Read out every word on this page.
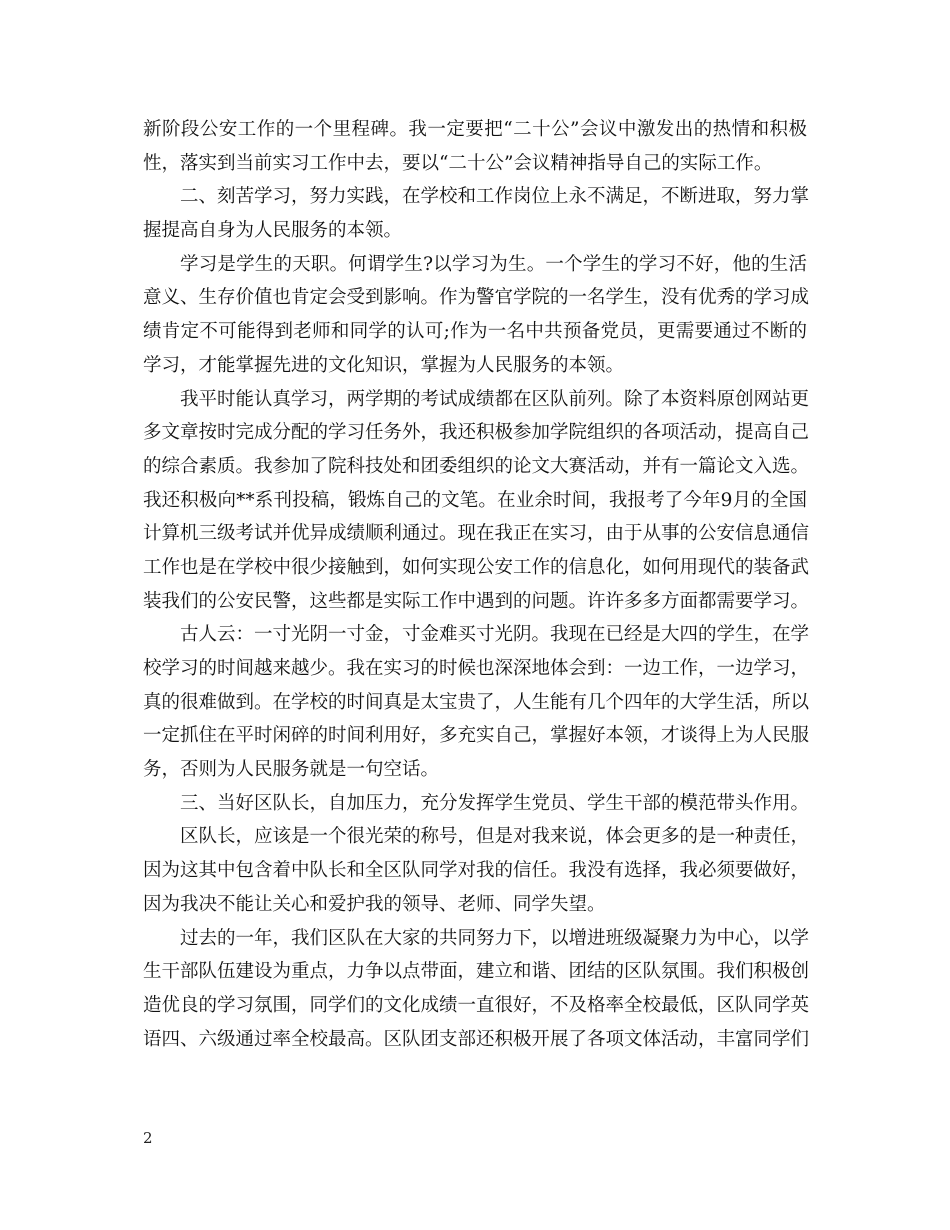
新阶段公安工作的一个里程碑。我一定要把“二十公”会议中激发出的热情和积极
性，落实到当前实习工作中去，要以“二十公”会议精神指导自己的实际工作。
二、刻苦学习，努力实践，在学校和工作岗位上永不满足，不断进取，努力掌
握提高自身为人民服务的本领。
学习是学生的天职。何谓学生?以学习为生。一个学生的学习不好，他的生活
意义、生存价值也肯定会受到影响。作为警官学院的一名学生，没有优秀的学习成
绩肯定不可能得到老师和同学的认可;作为一名中共预备党员，更需要通过不断的
学习，才能掌握先进的文化知识，掌握为人民服务的本领。
我平时能认真学习，两学期的考试成绩都在区队前列。除了本资料原创网站更
多文章按时完成分配的学习任务外，我还积极参加学院组织的各项活动，提高自己
的综合素质。我参加了院科技处和团委组织的论文大赛活动，并有一篇论文入选。
我还积极向**系刊投稿，锻炼自己的文笔。在业余时间，我报考了今年9月的全国
计算机三级考试并优异成绩顺利通过。现在我正在实习，由于从事的公安信息通信
工作也是在学校中很少接触到，如何实现公安工作的信息化，如何用现代的装备武
装我们的公安民警，这些都是实际工作中遇到的问题。许许多多方面都需要学习。
古人云：一寸光阴一寸金，寸金难买寸光阴。我现在已经是大四的学生，在学
校学习的时间越来越少。我在实习的时候也深深地体会到：一边工作，一边学习，
真的很难做到。在学校的时间真是太宝贵了，人生能有几个四年的大学生活，所以
一定抓住在平时闲碎的时间利用好，多充实自己，掌握好本领，才谈得上为人民服
务，否则为人民服务就是一句空话。
三、当好区队长，自加压力，充分发挥学生党员、学生干部的模范带头作用。
区队长，应该是一个很光荣的称号，但是对我来说，体会更多的是一种责任，
因为这其中包含着中队长和全区队同学对我的信任。我没有选择，我必须要做好，
因为我决不能让关心和爱护我的领导、老师、同学失望。
过去的一年，我们区队在大家的共同努力下，以增进班级凝聚力为中心，以学
生干部队伍建设为重点，力争以点带面，建立和谐、团结的区队氛围。我们积极创
造优良的学习氛围，同学们的文化成绩一直很好，不及格率全校最低，区队同学英
语四、六级通过率全校最高。区队团支部还积极开展了各项文体活动，丰富同学们
2
